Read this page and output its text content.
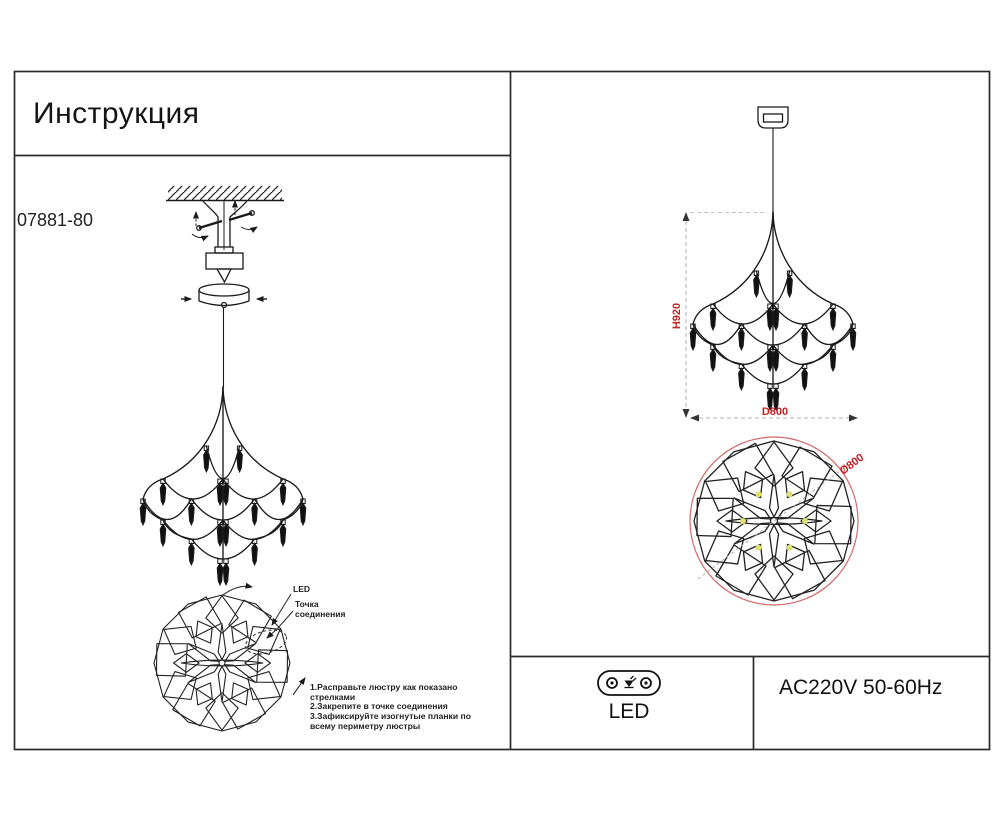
LED
Точка
соединения
H920
D800
Ø800
Инструкция
07881-80
1.Расправьте люстру как показано стрелками
2.Закрепите в точке соединения
3.Зафиксируйте изогнутые планки по всему периметру люстры
LED
AC220V 50-60Hz
